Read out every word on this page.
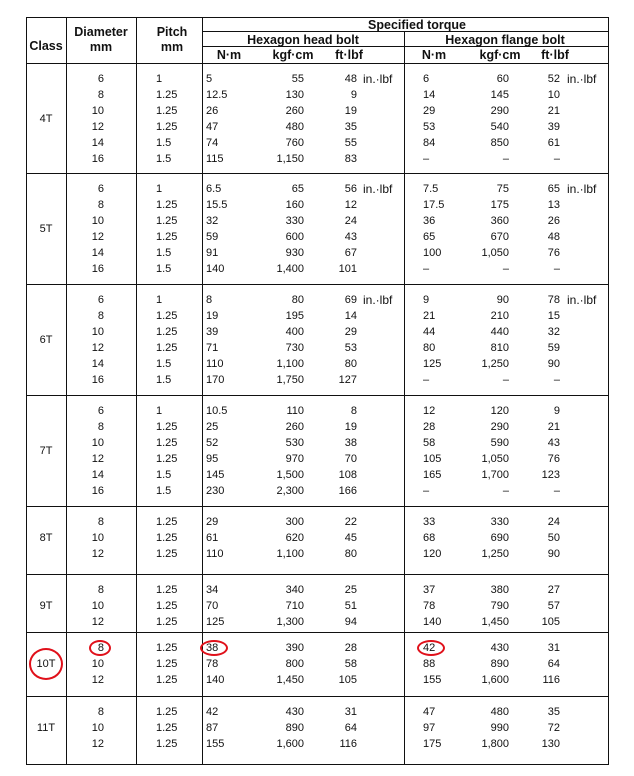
Class
Diameter
mm
Pitch
mm
Specified torque
Hexagon head bolt	Hexagon flange bolt
N·m	kgf·cm ft·lbf	N·m	kgf·cm ft·lbf
4T
6	1	5	55	48 in.·lbf	6	60	52 in.·lbf
8	1.25	12.5	130	9	14	145	10
10	1.25	26	260	19	29	290	21
12	1.25	47	480	35	53	540	39
14	1.5	74	760	55	84	850	61
16	1.5	115	1,150	83	–	–	–
5T
6	1	6.5	65	56 in.·lbf	7.5	75	65 in.·lbf
8	1.25	15.5	160	12	17.5	175	13
10	1.25	32	330	24	36	360	26
12	1.25	59	600	43	65	670	48
14	1.5	91	930	67	100	1,050	76
16	1.5	140	1,400	101	–	–	–
6T
6	1	8	80	69 in.·lbf	9	90	78 in.·lbf
8	1.25	19	195	14	21	210	15
10	1.25	39	400	29	44	440	32
12	1.25	71	730	53	80	810	59
14	1.5	110	1,100	80	125	1,250	90
16	1.5	170	1,750	127	–	–	–
7T
6	1	10.5	110	8	12	120	9
8	1.25	25	260	19	28	290	21
10	1.25	52	530	38	58	590	43
12	1.25	95	970	70	105	1,050	76
14	1.5	145	1,500	108	165	1,700	123
16	1.5	230	2,300	166	–	–	–
8T
8	1.25	29	300	22	33	330	24
10	1.25	61	620	45	68	690	50
12	1.25	110	1,100	80	120	1,250	90
9T
8	1.25	34	340	25	37	380	27
10	1.25	70	710	51	78	790	57
12	1.25	125	1,300	94	140	1,450	105
10T
8	1.25	38	390	28	42	430	31
10	1.25	78	800	58	88	890	64
12	1.25	140	1,450	105	155	1,600	116
11T
8	1.25	42	430	31	47	480	35
10	1.25	87	890	64	97	990	72
12	1.25	155	1,600	116	175	1,800	130
